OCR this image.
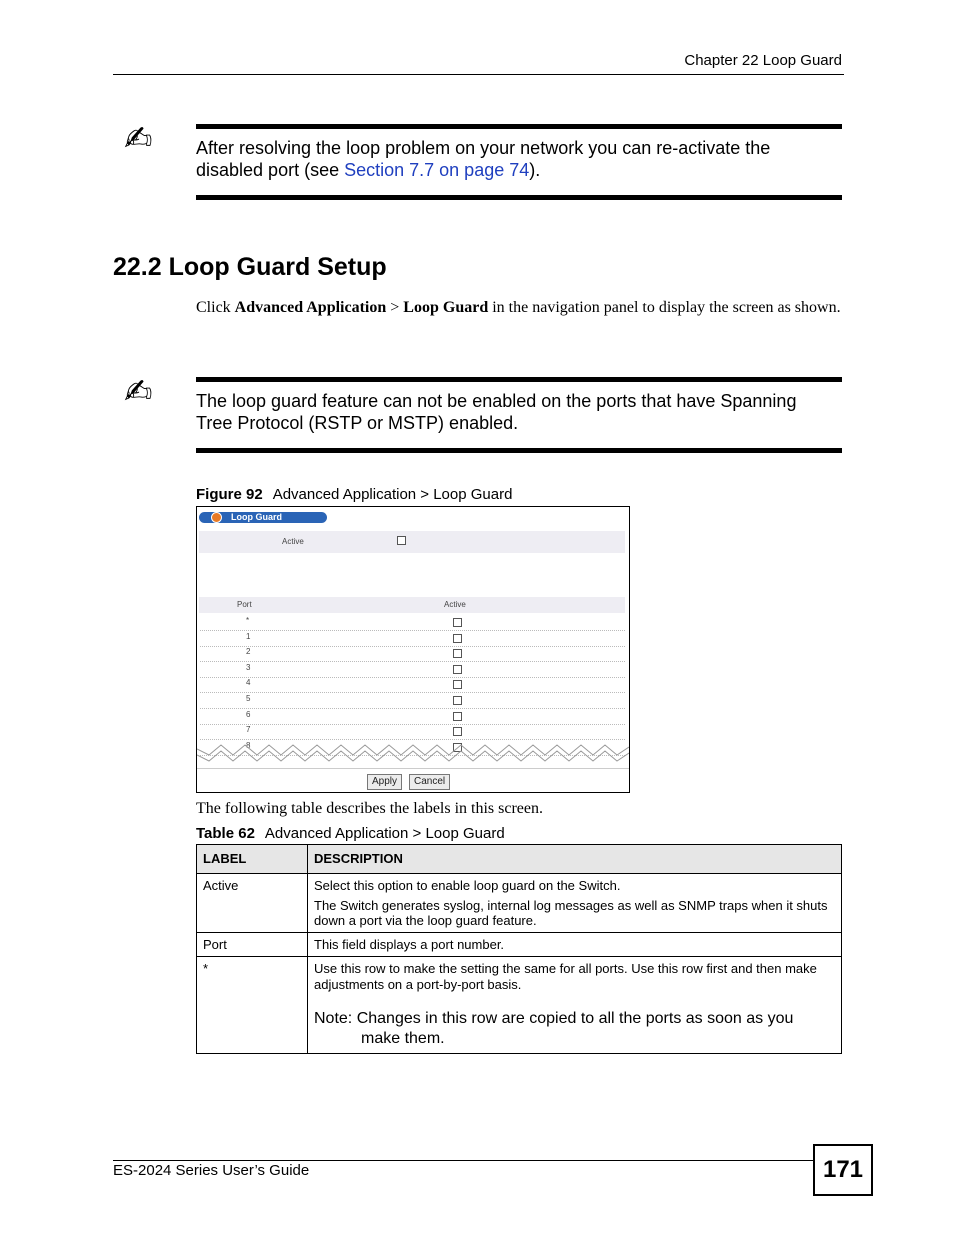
Chapter 22 Loop Guard
✍ After resolving the loop problem on your network you can re-activate the disabled port (see Section 7.7 on page 74).
22.2 Loop Guard Setup
Click Advanced Application > Loop Guard in the navigation panel to display the screen as shown.
✍ The loop guard feature can not be enabled on the ports that have Spanning Tree Protocol (RSTP or MSTP) enabled.
Figure 92 Advanced Application > Loop Guard
Loop Guard
Active
Port	Active
*
1
2
3
4
5
6
7
8
Apply	Cancel
The following table describes the labels in this screen.
Table 62 Advanced Application > Loop Guard
LABEL	DESCRIPTION
Active	Select this option to enable loop guard on the Switch.

The Switch generates syslog, internal log messages as well as SNMP traps when it shuts down a port via the loop guard feature.

Port	This field displays a port number.
*	Use this row to make the setting the same for all ports. Use this row first and then make adjustments on a port-by-port basis.

Note: Changes in this row are copied to all the ports as soon as you
make them.

ES-2024 Series User’s Guide	171
